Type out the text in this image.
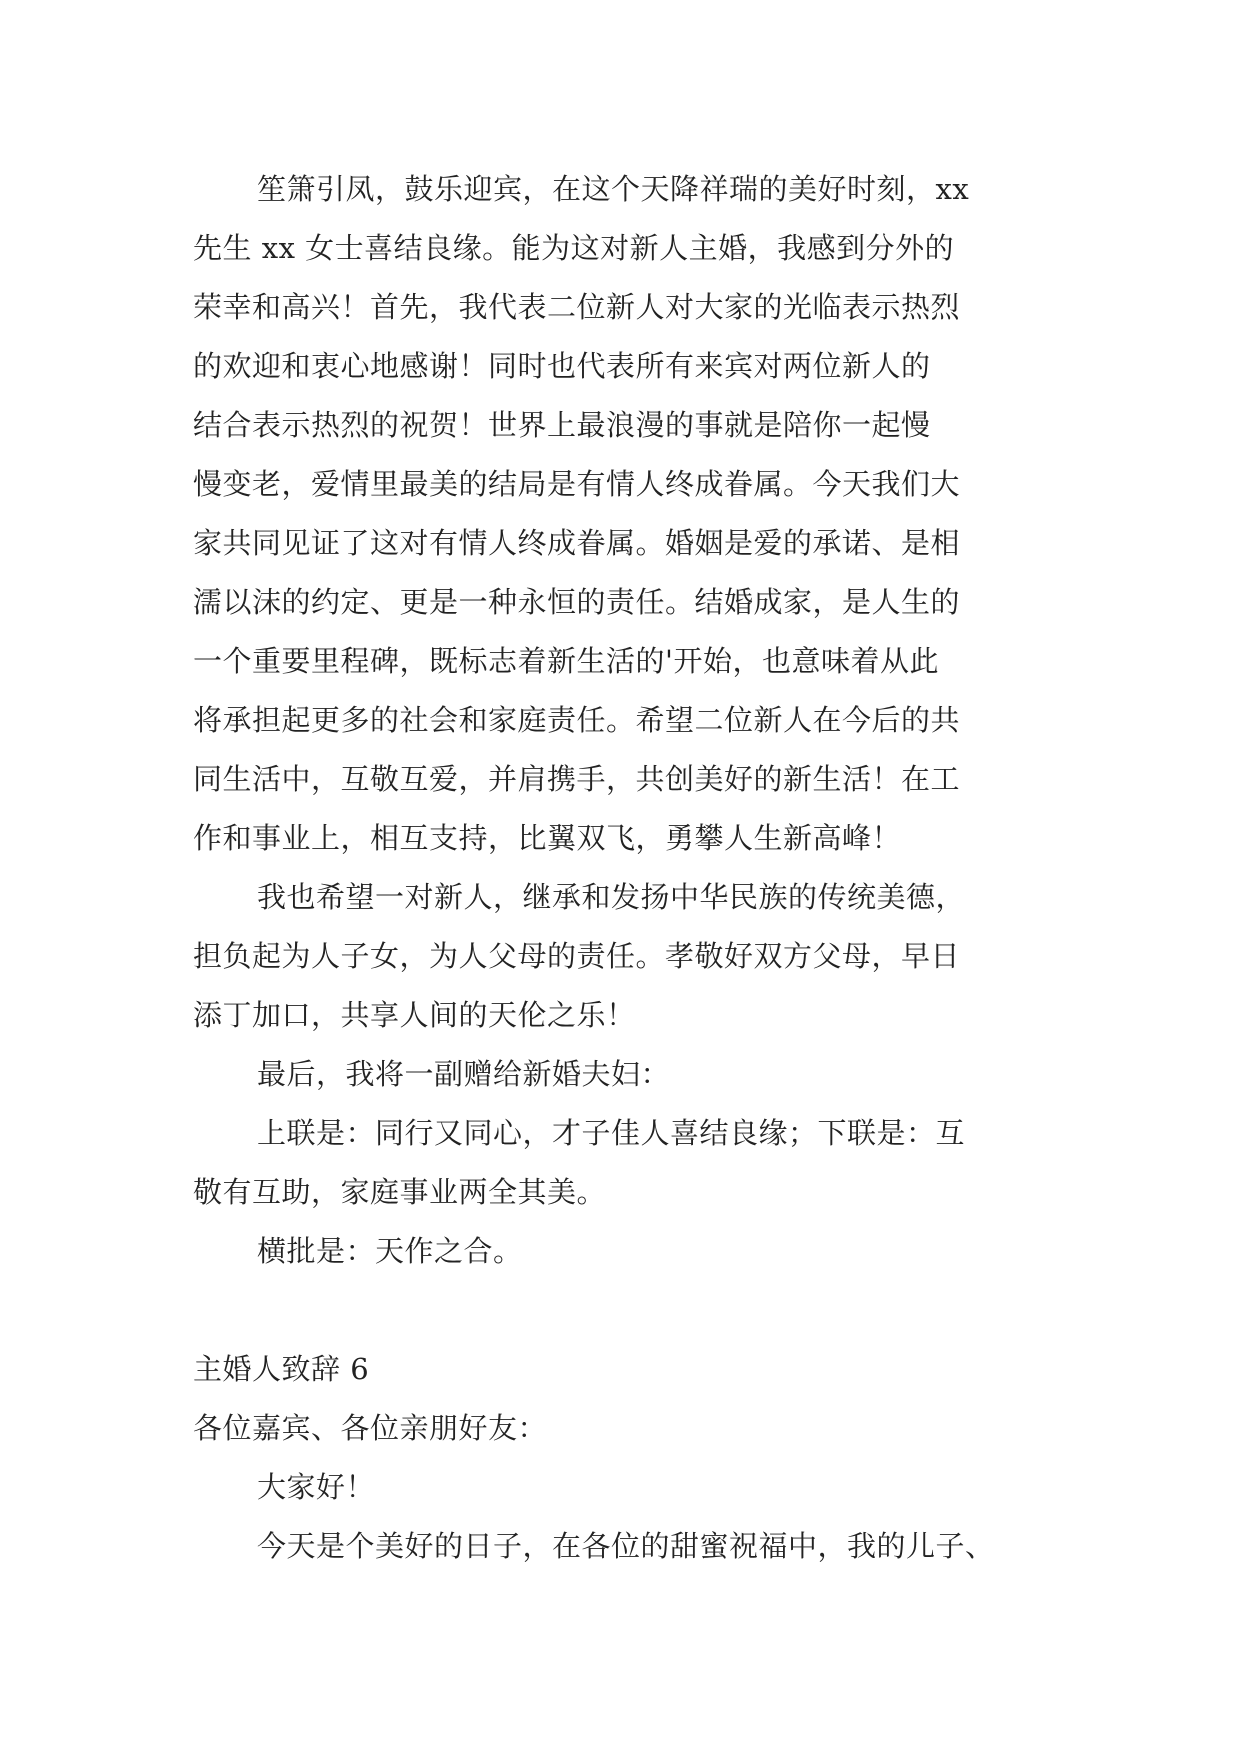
笙箫引凤，鼓乐迎宾，在这个天降祥瑞的美好时刻，xx
先生 xx 女士喜结良缘。能为这对新人主婚，我感到分外的
荣幸和高兴！首先，我代表二位新人对大家的光临表示热烈
的欢迎和衷心地感谢！同时也代表所有来宾对两位新人的
结合表示热烈的祝贺！世界上最浪漫的事就是陪你一起慢
慢变老，爱情里最美的结局是有情人终成眷属。今天我们大
家共同见证了这对有情人终成眷属。婚姻是爱的承诺、是相
濡以沫的约定、更是一种永恒的责任。结婚成家，是人生的
一个重要里程碑，既标志着新生活的'开始，也意味着从此
将承担起更多的社会和家庭责任。希望二位新人在今后的共
同生活中，互敬互爱，并肩携手，共创美好的新生活！在工
作和事业上，相互支持，比翼双飞，勇攀人生新高峰！
我也希望一对新人，继承和发扬中华民族的传统美德，
担负起为人子女，为人父母的责任。孝敬好双方父母，早日
添丁加口，共享人间的天伦之乐！
最后，我将一副赠给新婚夫妇：
上联是：同行又同心，才子佳人喜结良缘；下联是：互
敬有互助，家庭事业两全其美。
横批是：天作之合。
主婚人致辞 6
各位嘉宾、各位亲朋好友：
大家好！
今天是个美好的日子，在各位的甜蜜祝福中，我的儿子、
